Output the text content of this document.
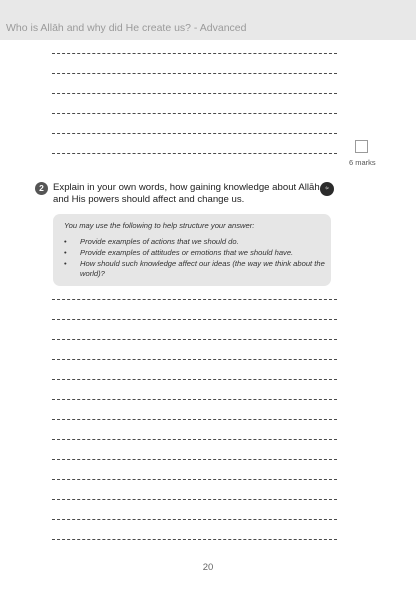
Who is Allāh and why did He create us? - Advanced
6 marks
2 Explain in your own words, how gaining knowledge about Allāh and His powers should affect and change us.
ﷻ
You may use the following to help structure your answer:
•	Provide examples of actions that we should do.
•	Provide examples of attitudes or emotions that we should have.
•	How should such knowledge affect our ideas (the way we think about the world)?
20
